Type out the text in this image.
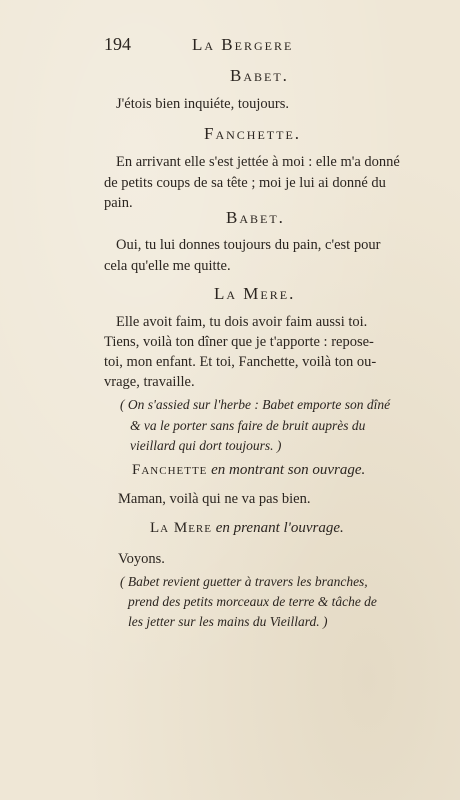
194	La Bergere
Babet.
J'étois bien inquiéte, toujours.
Fanchette.
En arrivant elle s'est jettée à moi : elle m'a donné
de petits coups de sa tête ; moi je lui ai donné du
pain.
Babet.
Oui, tu lui donnes toujours du pain, c'est pour
cela qu'elle me quitte.
La Mere.
Elle avoit faim, tu dois avoir faim aussi toi.
Tiens, voilà ton dîner que je t'apporte : repose-
toi, mon enfant. Et toi, Fanchette, voilà ton ou-
vrage, travaille.
( On s'assied sur l'herbe : Babet emporte son dîné
& va le porter sans faire de bruit auprès du
vieillard qui dort toujours. )
Fanchette en montrant son ouvrage.
Maman, voilà qui ne va pas bien.
La Mere en prenant l'ouvrage.
Voyons.
( Babet revient guetter à travers les branches,
prend des petits morceaux de terre & tâche de
les jetter sur les mains du Vieillard. )
